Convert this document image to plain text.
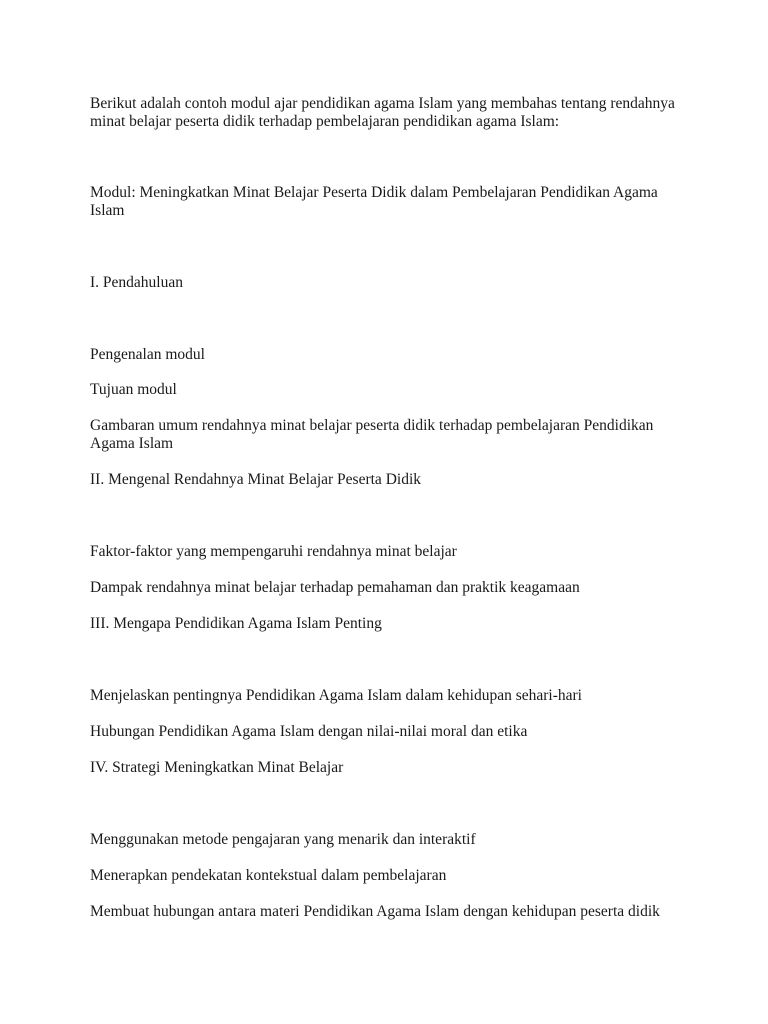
Berikut adalah contoh modul ajar pendidikan agama Islam yang membahas tentang rendahnya minat belajar peserta didik terhadap pembelajaran pendidikan agama Islam:
Modul: Meningkatkan Minat Belajar Peserta Didik dalam Pembelajaran Pendidikan Agama Islam
I. Pendahuluan
Pengenalan modul
Tujuan modul
Gambaran umum rendahnya minat belajar peserta didik terhadap pembelajaran Pendidikan Agama Islam
II. Mengenal Rendahnya Minat Belajar Peserta Didik
Faktor-faktor yang mempengaruhi rendahnya minat belajar
Dampak rendahnya minat belajar terhadap pemahaman dan praktik keagamaan
III. Mengapa Pendidikan Agama Islam Penting
Menjelaskan pentingnya Pendidikan Agama Islam dalam kehidupan sehari-hari
Hubungan Pendidikan Agama Islam dengan nilai-nilai moral dan etika
IV. Strategi Meningkatkan Minat Belajar
Menggunakan metode pengajaran yang menarik dan interaktif
Menerapkan pendekatan kontekstual dalam pembelajaran
Membuat hubungan antara materi Pendidikan Agama Islam dengan kehidupan peserta didik
